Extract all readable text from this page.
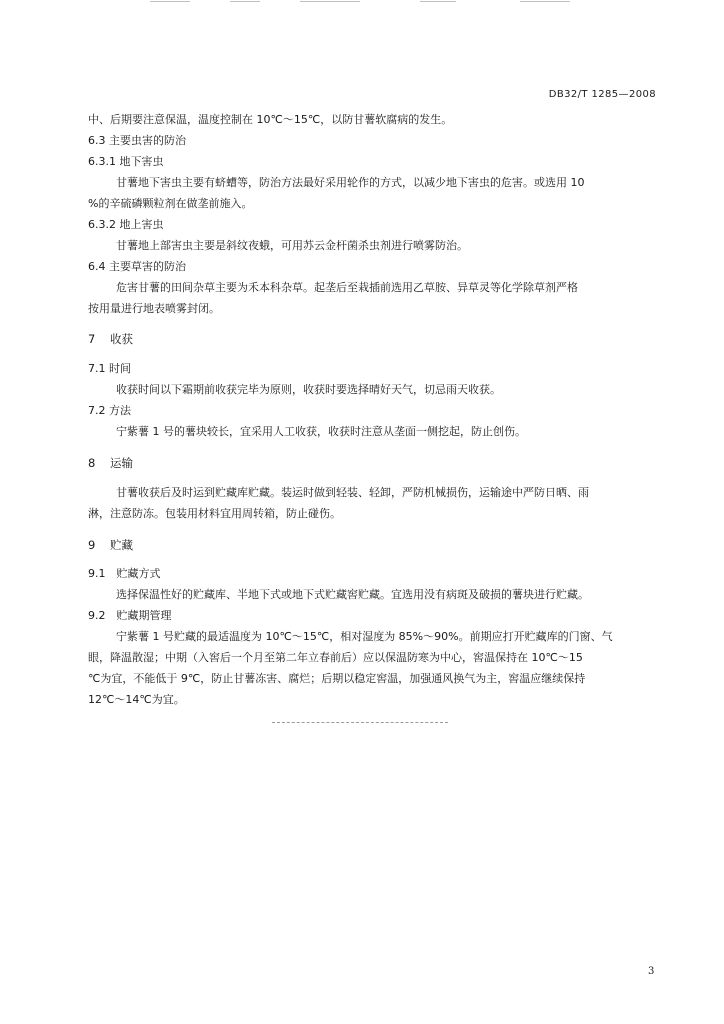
DB32/T 1285—2008
中、后期要注意保温，温度控制在 10℃～15℃，以防甘薯软腐病的发生。
6.3 主要虫害的防治
6.3.1 地下害虫
甘薯地下害虫主要有蛴螬等，防治方法最好采用轮作的方式，以减少地下害虫的危害。或选用 10
%的辛硫磷颗粒剂在做垄前施入。
6.3.2 地上害虫
甘薯地上部害虫主要是斜纹夜蛾，可用苏云金杆菌杀虫剂进行喷雾防治。
6.4 主要草害的防治
危害甘薯的田间杂草主要为禾本科杂草。起垄后至栽插前选用乙草胺、异草灵等化学除草剂严格
按用量进行地表喷雾封闭。
7 收获
7.1 时间
收获时间以下霜期前收获完毕为原则，收获时要选择晴好天气，切忌雨天收获。
7.2 方法
宁紫薯 1 号的薯块较长，宜采用人工收获，收获时注意从垄面一侧挖起，防止创伤。
8 运输
甘薯收获后及时运到贮藏库贮藏。装运时做到轻装、轻卸，严防机械损伤，运输途中严防日晒、雨
淋，注意防冻。包装用材料宜用周转箱，防止碰伤。
9 贮藏
9.1　贮藏方式
选择保温性好的贮藏库、半地下式或地下式贮藏窖贮藏。宜选用没有病斑及破损的薯块进行贮藏。
9.2　贮藏期管理
宁紫薯 1 号贮藏的最适温度为 10℃～15℃，相对湿度为 85%～90%。前期应打开贮藏库的门窗、气
眼，降温散湿；中期（入窖后一个月至第二年立春前后）应以保温防寒为中心，窖温保持在 10℃～15
℃为宜，不能低于 9℃，防止甘薯冻害、腐烂；后期以稳定窖温，加强通风换气为主，窖温应继续保持
12℃～14℃为宜。
3
